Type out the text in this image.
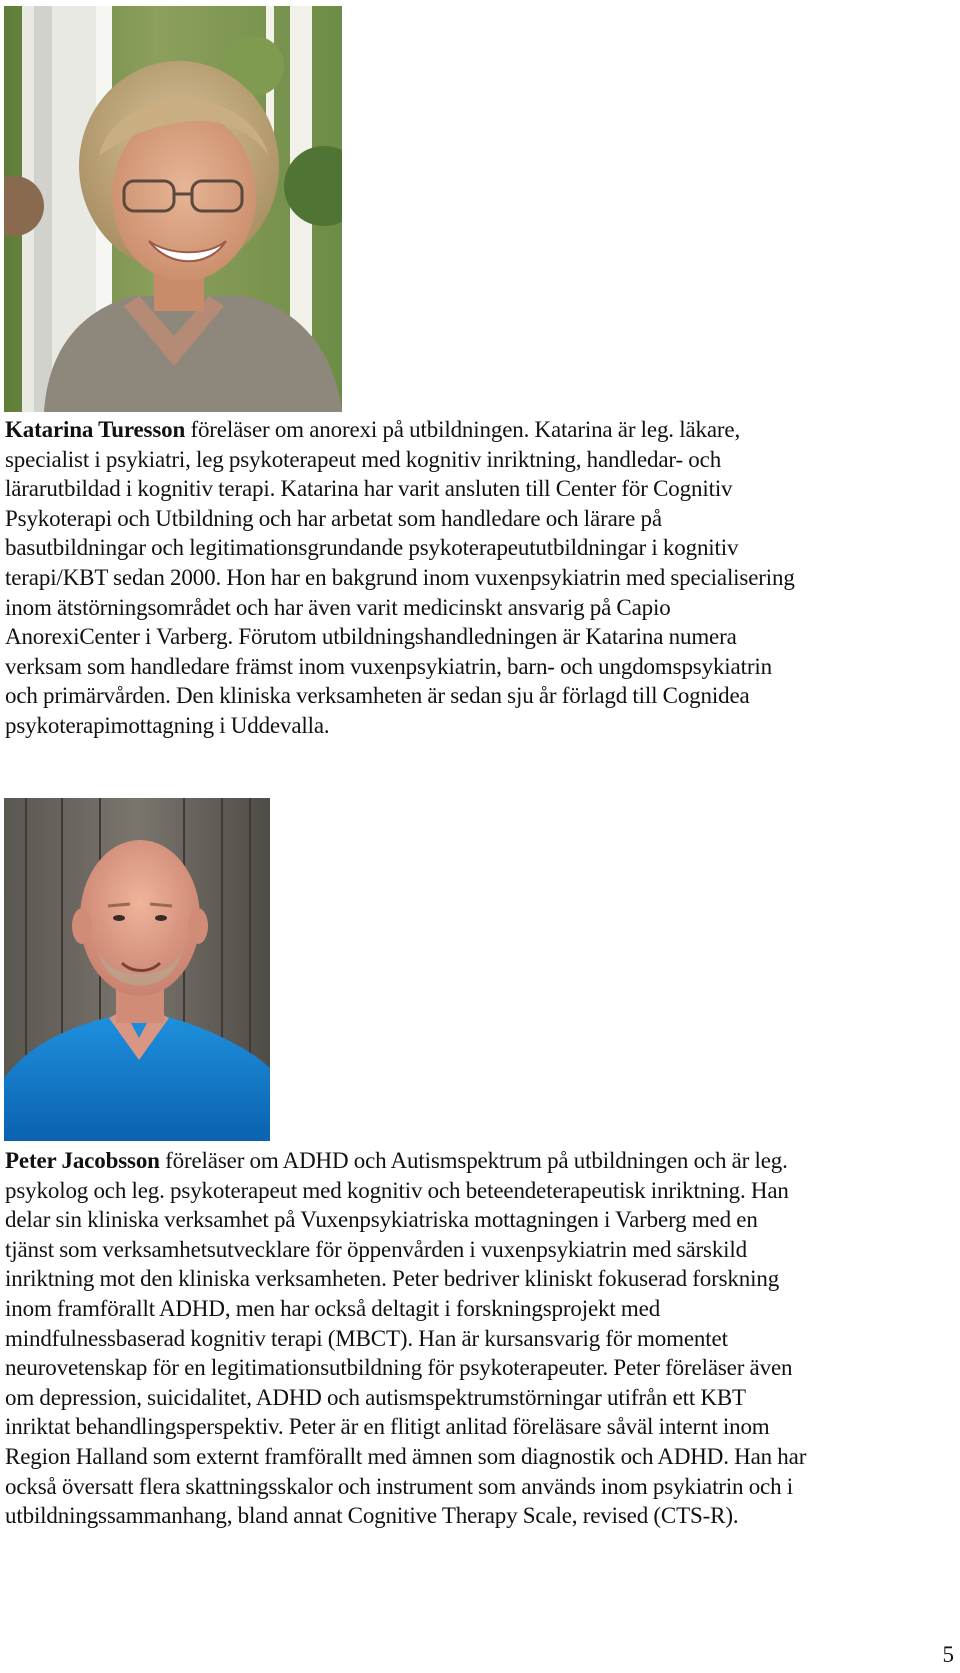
Katarina Turesson föreläser om anorexi på utbildningen. Katarina är leg. läkare,
specialist i psykiatri, leg psykoterapeut med kognitiv inriktning, handledar- och
lärarutbildad i kognitiv terapi. Katarina har varit ansluten till Center för Cognitiv
Psykoterapi och Utbildning och har arbetat som handledare och lärare på
basutbildningar och legitimationsgrundande psykoterapeututbildningar i kognitiv
terapi/KBT sedan 2000. Hon har en bakgrund inom vuxenpsykiatrin med specialisering
inom ätstörningsområdet och har även varit medicinskt ansvarig på Capio
AnorexiCenter i Varberg. Förutom utbildningshandledningen är Katarina numera
verksam som handledare främst inom vuxenpsykiatrin, barn- och ungdomspsykiatrin
och primärvården. Den kliniska verksamheten är sedan sju år förlagd till Cognidea
psykoterapimottagning i Uddevalla.

Peter Jacobsson föreläser om ADHD och Autismspektrum på utbildningen och är leg.
psykolog och leg. psykoterapeut med kognitiv och beteendeterapeutisk inriktning. Han
delar sin kliniska verksamhet på Vuxenpsykiatriska mottagningen i Varberg med en
tjänst som verksamhetsutvecklare för öppenvården i vuxenpsykiatrin med särskild
inriktning mot den kliniska verksamheten. Peter bedriver kliniskt fokuserad forskning
inom framförallt ADHD, men har också deltagit i forskningsprojekt med
mindfulnessbaserad kognitiv terapi (MBCT). Han är kursansvarig för momentet
neurovetenskap för en legitimationsutbildning för psykoterapeuter. Peter föreläser även
om depression, suicidalitet, ADHD och autismspektrumstörningar utifrån ett KBT
inriktat behandlingsperspektiv. Peter är en flitigt anlitad föreläsare såväl internt inom
Region Halland som externt framförallt med ämnen som diagnostik och ADHD. Han har
också översatt flera skattningsskalor och instrument som används inom psykiatrin och i
utbildningssammanhang, bland annat Cognitive Therapy Scale, revised (CTS-R).

5
